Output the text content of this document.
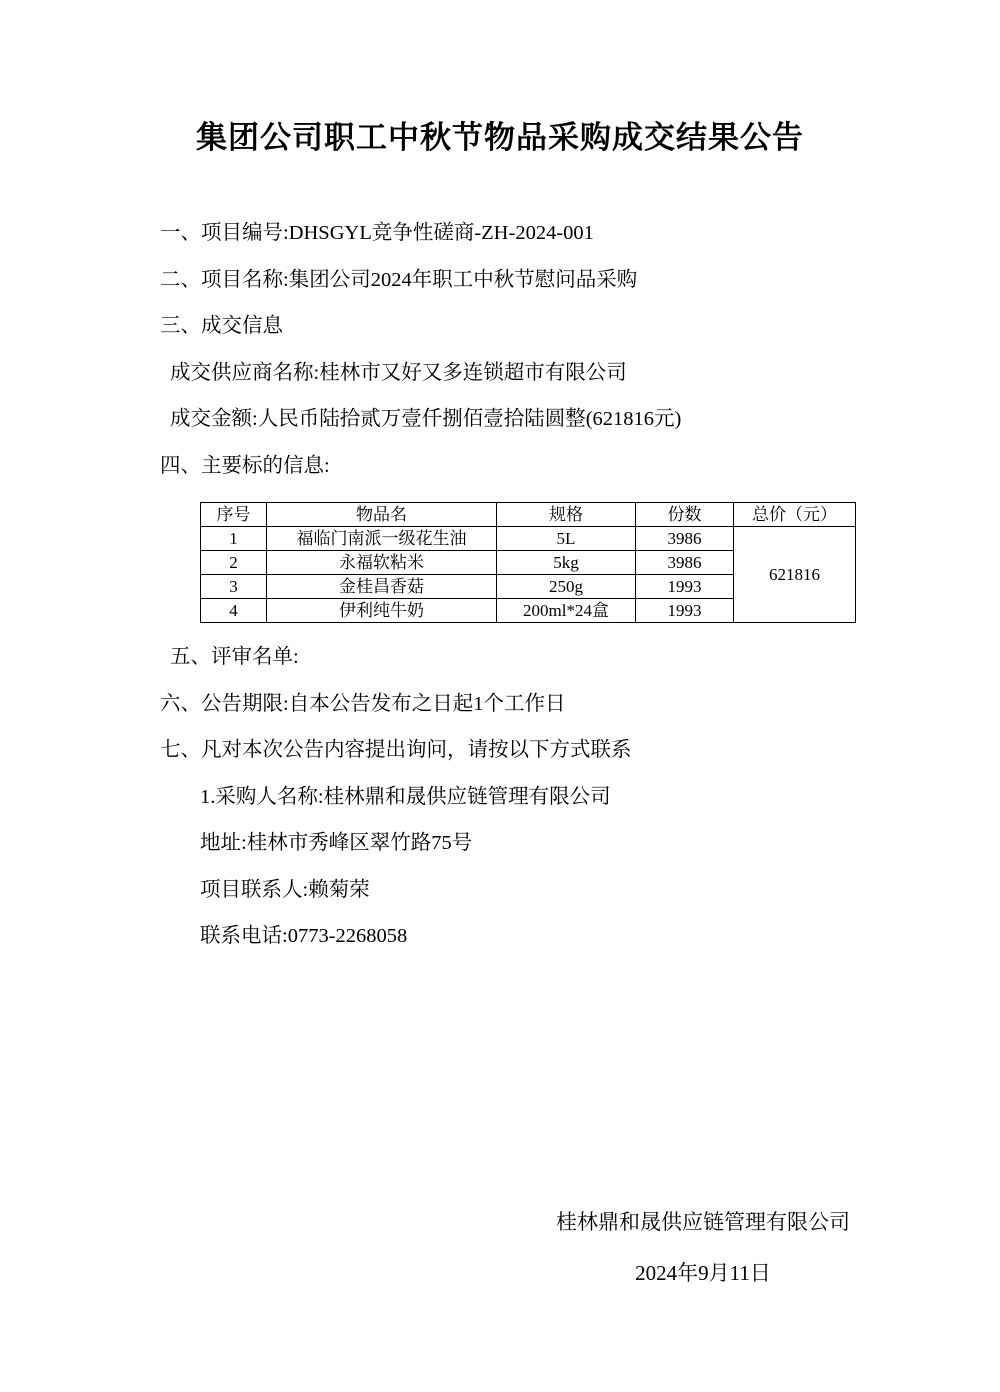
集团公司职工中秋节物品采购成交结果公告
一、项目编号:DHSGYL竞争性磋商-ZH-2024-001
二、项目名称:集团公司2024年职工中秋节慰问品采购
三、成交信息
成交供应商名称:桂林市又好又多连锁超市有限公司
成交金额:人民币陆拾贰万壹仟捌佰壹拾陆圆整(621816元)
四、主要标的信息:
序号	物品名	规格	份数	总价（元）
1	福临门南派一级花生油	5L	3986	621816
2	永福软粘米	5kg	3986	
3	金桂昌香菇	250g	1993	
4	伊利纯牛奶	200ml*24盒	1993	
五、评审名单:
六、公告期限:自本公告发布之日起1个工作日
七、凡对本次公告内容提出询问，请按以下方式联系
1.采购人名称:桂林鼎和晟供应链管理有限公司
地址:桂林市秀峰区翠竹路75号
项目联系人:赖菊荣
联系电话:0773-2268058
桂林鼎和晟供应链管理有限公司
2024年9月11日
